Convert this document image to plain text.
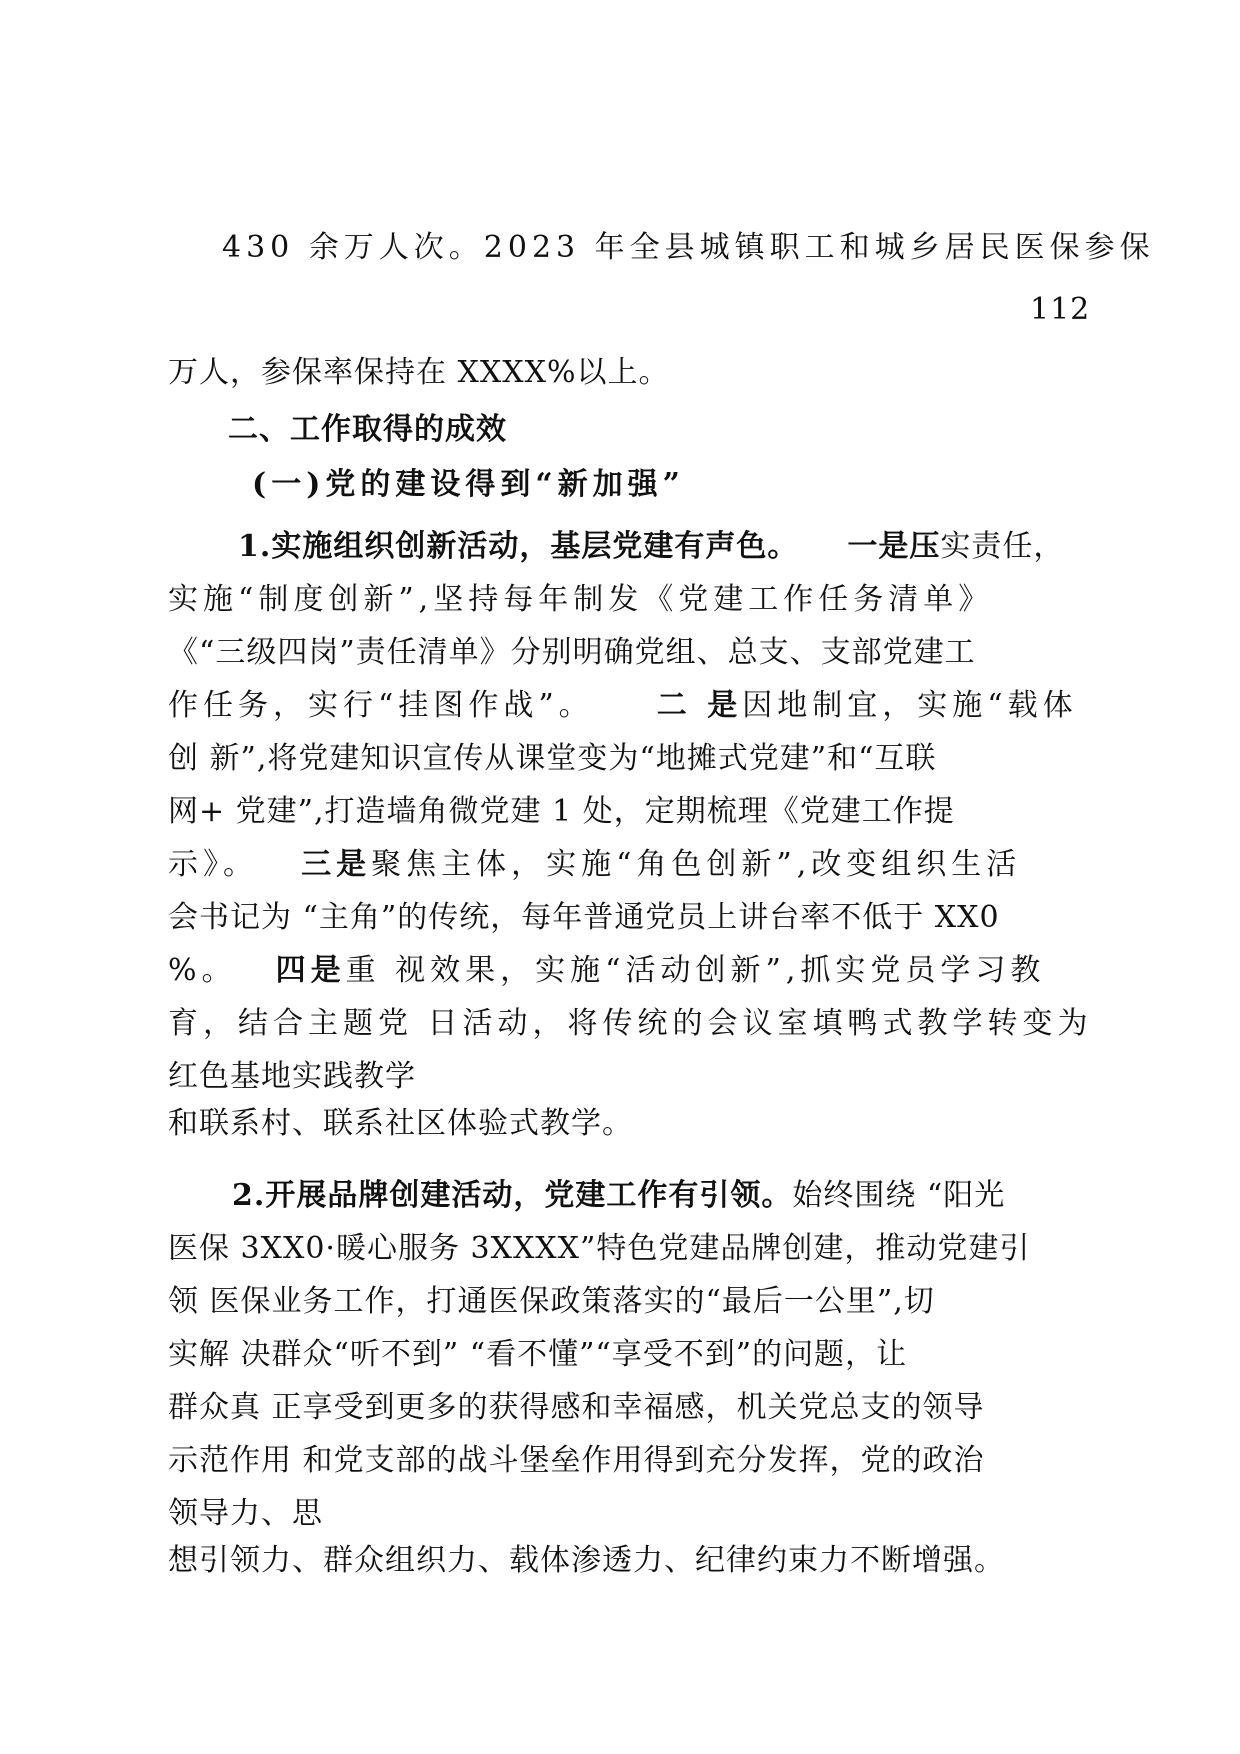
430 余万人次。2023 年全县城镇职工和城乡居民医保参保
112
万人，参保率保持在 XXXX%以上。
二、工作取得的成效
(一)党的建设得到“新加强”
1.实施组织创新活动，基层党建有声色。 一是压实责任，
实施“制度创新”,坚持每年制发《党建工作任务清单》
《“三级四岗”责任清单》分别明确党组、总支、支部党建工
作任务，实行“挂图作战”。 二 是因地制宜，实施“载体
创 新”,将党建知识宣传从课堂变为“地摊式党建”和“互联
网+ 党建”,打造墙角微党建 1 处，定期梳理《党建工作提
示》。 三是聚焦主体，实施“角色创新”,改变组织生活
会书记为 “主角”的传统，每年普通党员上讲台率不低于 XX0
%。 四是重 视效果，实施“活动创新”,抓实党员学习教
育，结合主题党 日活动，将传统的会议室填鸭式教学转变为
红色基地实践教学
和联系村、联系社区体验式教学。
2.开展品牌创建活动，党建工作有引领。始终围绕 “阳光
医保 3XX0·暖心服务 3XXXX”特色党建品牌创建，推动党建引
领 医保业务工作，打通医保政策落实的“最后一公里”,切
实解 决群众“听不到” “看不懂”“享受不到”的问题，让
群众真 正享受到更多的获得感和幸福感，机关党总支的领导
示范作用 和党支部的战斗堡垒作用得到充分发挥，党的政治
领导力、思
想引领力、群众组织力、载体渗透力、纪律约束力不断增强。
